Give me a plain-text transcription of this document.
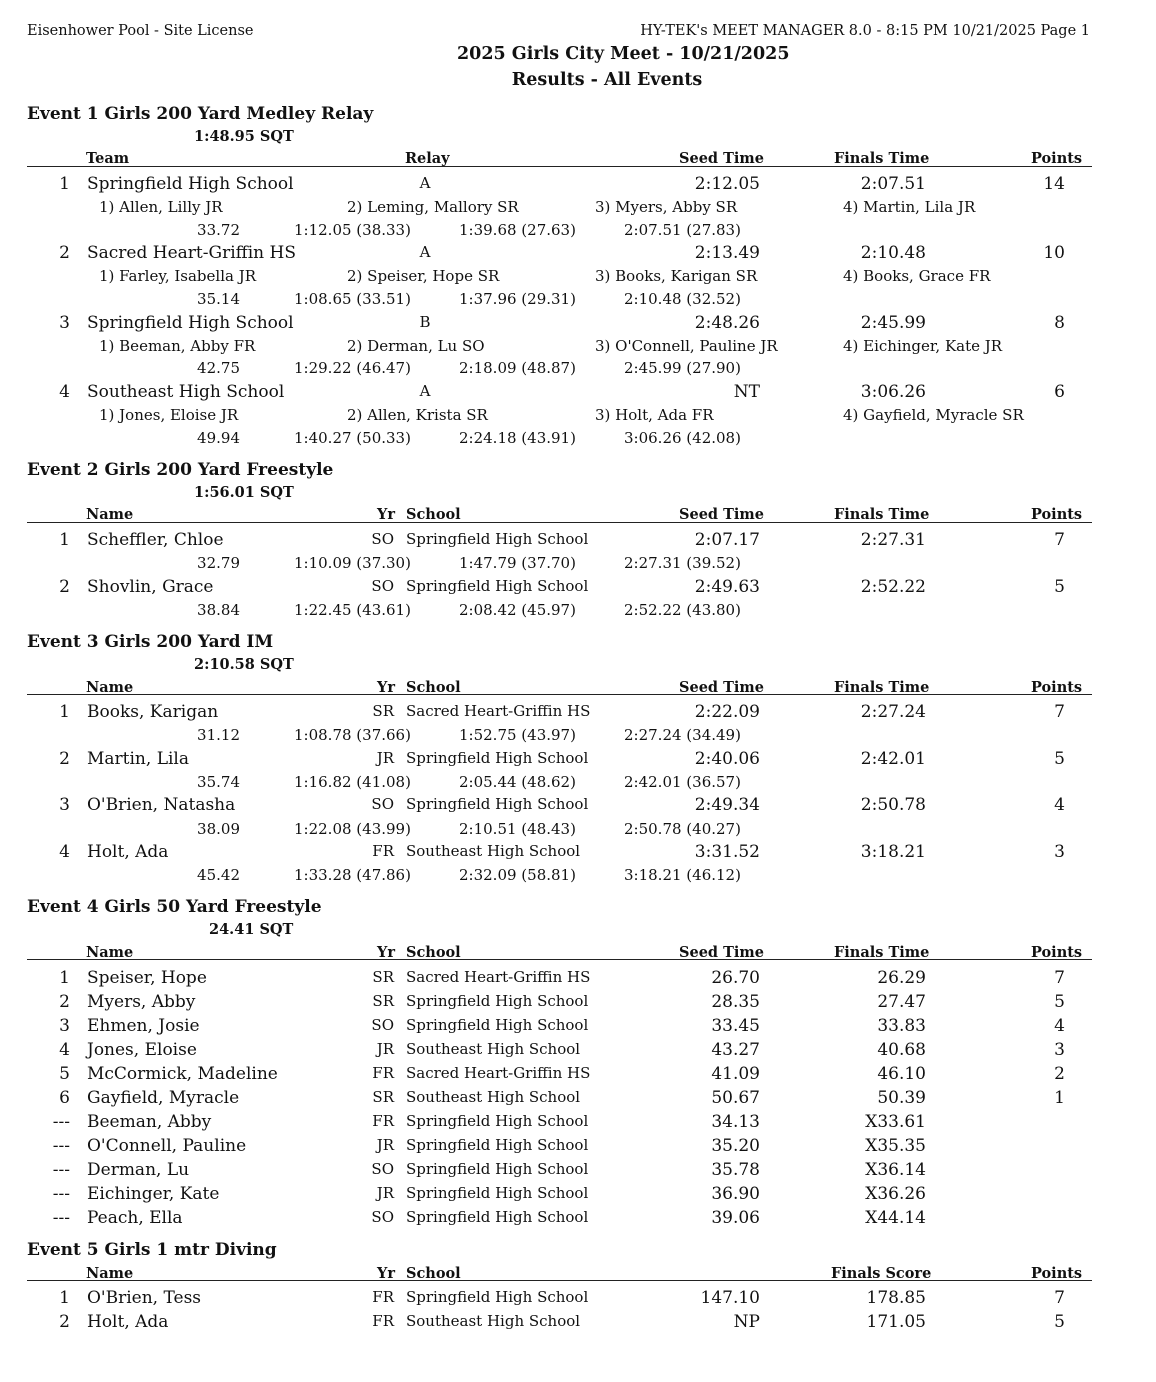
Eisenhower Pool - Site License	HY-TEK's MEET MANAGER 8.0 - 8:15 PM 10/21/2025 Page 1
2025 Girls City Meet - 10/21/2025
Results - All Events
Event 1 Girls 200 Yard Medley Relay
1:48.95 SQT
Team	Relay	Seed Time	Finals Time	Points
1 Springfield High School	A	2:12.05	2:07.51	14
1) Allen, Lilly JR	2) Leming, Mallory SR	3) Myers, Abby SR	4) Martin, Lila JR
33.72	1:12.05 (38.33)	1:39.68 (27.63)	2:07.51 (27.83)
2 Sacred Heart-Griffin HS	A	2:13.49	2:10.48	10
1) Farley, Isabella JR	2) Speiser, Hope SR	3) Books, Karigan SR	4) Books, Grace FR
35.14	1:08.65 (33.51)	1:37.96 (29.31)	2:10.48 (32.52)
3 Springfield High School	B	2:48.26	2:45.99	8
1) Beeman, Abby FR	2) Derman, Lu SO	3) O'Connell, Pauline JR	4) Eichinger, Kate JR
42.75	1:29.22 (46.47)	2:18.09 (48.87)	2:45.99 (27.90)
4 Southeast High School	A	NT	3:06.26	6
1) Jones, Eloise JR	2) Allen, Krista SR	3) Holt, Ada FR	4) Gayfield, Myracle SR
49.94	1:40.27 (50.33)	2:24.18 (43.91)	3:06.26 (42.08)
Event 2 Girls 200 Yard Freestyle
1:56.01 SQT
Name	Yr School	Seed Time	Finals Time	Points
1 Scheffler, Chloe	SO Springfield High School	2:07.17	2:27.31	7
32.79	1:10.09 (37.30)	1:47.79 (37.70)	2:27.31 (39.52)
2 Shovlin, Grace	SO Springfield High School	2:49.63	2:52.22	5
38.84	1:22.45 (43.61)	2:08.42 (45.97)	2:52.22 (43.80)
Event 3 Girls 200 Yard IM
2:10.58 SQT
Name	Yr School	Seed Time	Finals Time	Points
1 Books, Karigan	SR Sacred Heart-Griffin HS	2:22.09	2:27.24	7
31.12	1:08.78 (37.66)	1:52.75 (43.97)	2:27.24 (34.49)
2 Martin, Lila	JR Springfield High School	2:40.06	2:42.01	5
35.74	1:16.82 (41.08)	2:05.44 (48.62)	2:42.01 (36.57)
3 O'Brien, Natasha	SO Springfield High School	2:49.34	2:50.78	4
38.09	1:22.08 (43.99)	2:10.51 (48.43)	2:50.78 (40.27)
4 Holt, Ada	FR Southeast High School	3:31.52	3:18.21	3
45.42	1:33.28 (47.86)	2:32.09 (58.81)	3:18.21 (46.12)
Event 4 Girls 50 Yard Freestyle
24.41 SQT
Name	Yr School	Seed Time	Finals Time	Points
1 Speiser, Hope	SR Sacred Heart-Griffin HS	26.70	26.29	7
2 Myers, Abby	SR Springfield High School	28.35	27.47	5
3 Ehmen, Josie	SO Springfield High School	33.45	33.83	4
4 Jones, Eloise	JR Southeast High School	43.27	40.68	3
5 McCormick, Madeline	FR Sacred Heart-Griffin HS	41.09	46.10	2
6 Gayfield, Myracle	SR Southeast High School	50.67	50.39	1
--- Beeman, Abby	FR Springfield High School	34.13	X33.61
--- O'Connell, Pauline	JR Springfield High School	35.20	X35.35
--- Derman, Lu	SO Springfield High School	35.78	X36.14
--- Eichinger, Kate	JR Springfield High School	36.90	X36.26
--- Peach, Ella	SO Springfield High School	39.06	X44.14
Event 5 Girls 1 mtr Diving
Name	Yr School	Finals Score	Points
1 O'Brien, Tess	FR Springfield High School	147.10	178.85	7
2 Holt, Ada	FR Southeast High School	NP	171.05	5
